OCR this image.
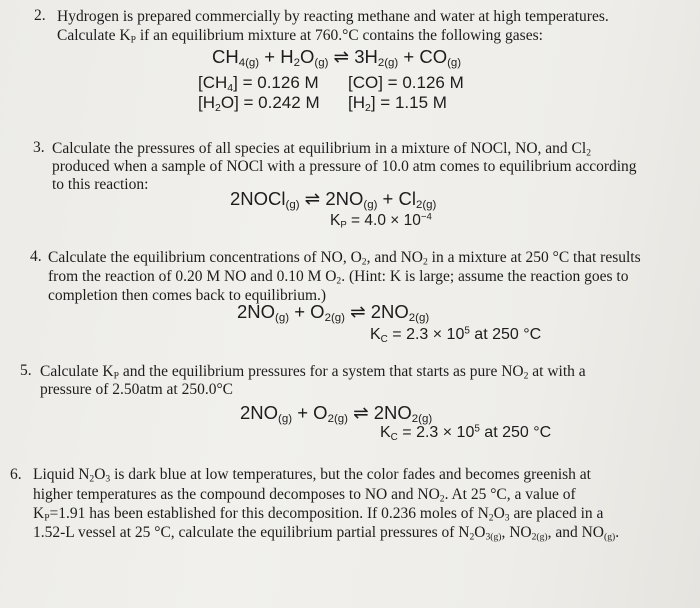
2. Hydrogen is prepared commercially by reacting methane and water at high temperatures.
Calculate $K_P$ if an equilibrium mixture at 760.°C contains the following gases:
$CH_{4(g)} + H_2O_{(g)}$ ⇌ $3H_{2(g)} + CO_{(g)}$
$[CH_4] = 0.126$ M [CO] = 0.126 M
$[H_2O] = 0.242$ M $[H_2] = 1.15$ M
3. Calculate the pressures of all species at equilibrium in a mixture of NOCl, NO, and $Cl_2$
produced when a sample of NOCl with a pressure of 10.0 atm comes to equilibrium according
to this reaction:
2NOCl$_{(g)}$ ⇌ $2NO_{(g)} + Cl_{2(g)}$
$K_P = 4.0 \times 10^{-4}$
4. Calculate the equilibrium concentrations of NO, $O_2$, and $NO_2$ in a mixture at 250 °C that results
from the reaction of 0.20 M NO and 0.10 M $O_2$. (Hint: K is large; assume the reaction goes to
completion then comes back to equilibrium.)
$2NO_{(g)} + O_{2(g)}$ ⇌ $2NO_{2(g)}$
$K_C = 2.3 \times 10^5$ at 250 °C
5. Calculate $K_P$ and the equilibrium pressures for a system that starts as pure $NO_2$ at with a
pressure of 2.50atm at 250.0°C
$2NO_{(g)} + O_{2(g)}$ ⇌ $2NO_{2(g)}$
$K_C = 2.3 \times 10^5$ at 250 °C
6. Liquid $N_2O_3$ is dark blue at low temperatures, but the color fades and becomes greenish at
higher temperatures as the compound decomposes to NO and $NO_2$. At 25 °C, a value of
$K_P=1.91$ has been established for this decomposition. If 0.236 moles of $N_2O_3$ are placed in a
1.52-L vessel at 25 °C, calculate the equilibrium partial pressures of $N_2O_{3(g)}$, $NO_{2(g)}$, and $NO_{(g)}$.
